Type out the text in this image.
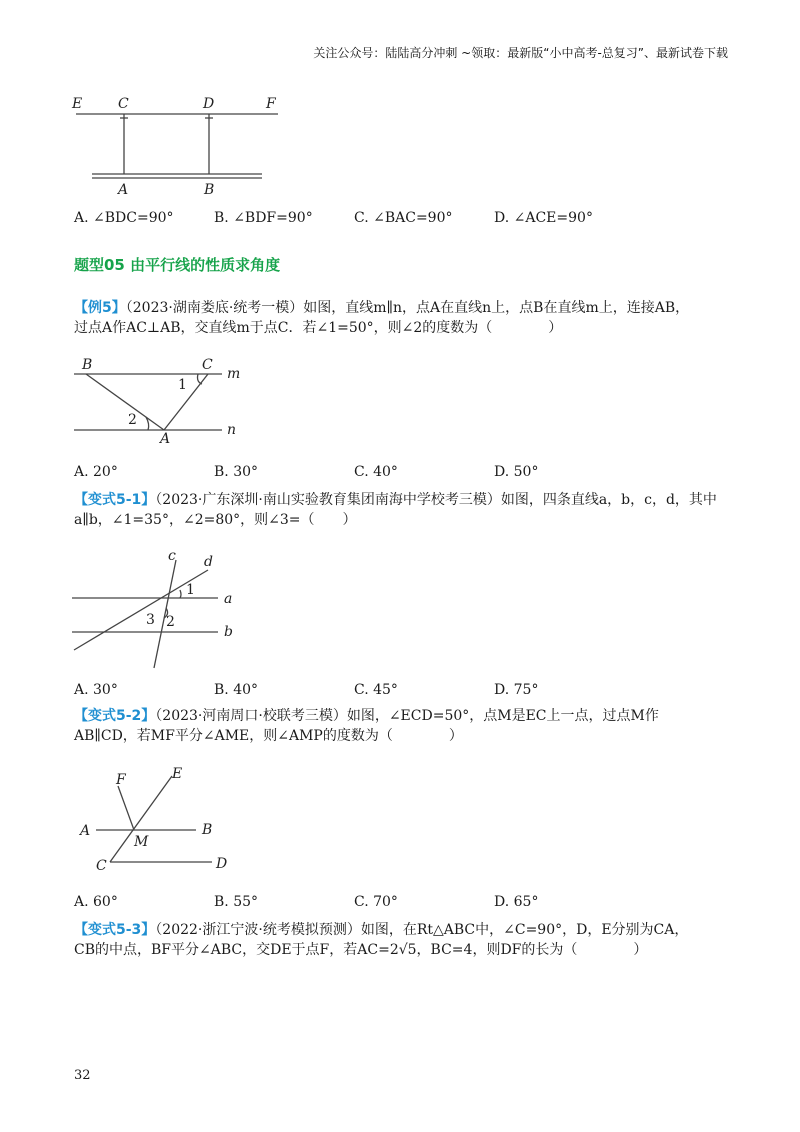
关注公众号：陆陆高分冲刺 ~领取：最新版“小中高考-总复习”、最新试卷下载
E	C	D	F
A	B
A. ∠BDC=90°	B. ∠BDF=90°	C. ∠BAC=90°	D. ∠ACE=90°
题型05 由平行线的性质求角度
【例5】（2023·湖南娄底·统考一模）如图，直线m∥n，点A在直线n上，点B在直线m上，连接AB，
过点A作AC⊥AB，交直线m于点C．若∠1=50°，则∠2的度数为（　　　　）
B	C
m
1
2
A
n
A. 20°	B. 30°	C. 40°	D. 50°
【变式5-1】（2023·广东深圳·南山实验教育集团南海中学校考三模）如图，四条直线a，b，c，d，其中
a∥b，∠1=35°，∠2=80°，则∠3=（　　）
c d
a
b
1
3 2
A. 30°	B. 40°	C. 45°	D. 75°
【变式5-2】（2023·河南周口·校联考三模）如图，∠ECD=50°，点M是EC上一点，过点M作
AB∥CD，若MF平分∠AME，则∠AMP的度数为（　　　　）
F	E
A
M
B
C	D
A. 60°	B. 55°	C. 70°	D. 65°
【变式5-3】（2022·浙江宁波·统考模拟预测）如图，在Rt△ABC中，∠C=90°，D，E分别为CA，
CB的中点，BF平分∠ABC，交DE于点F，若AC=2√5，BC=4，则DF的长为（　　　　）
32
